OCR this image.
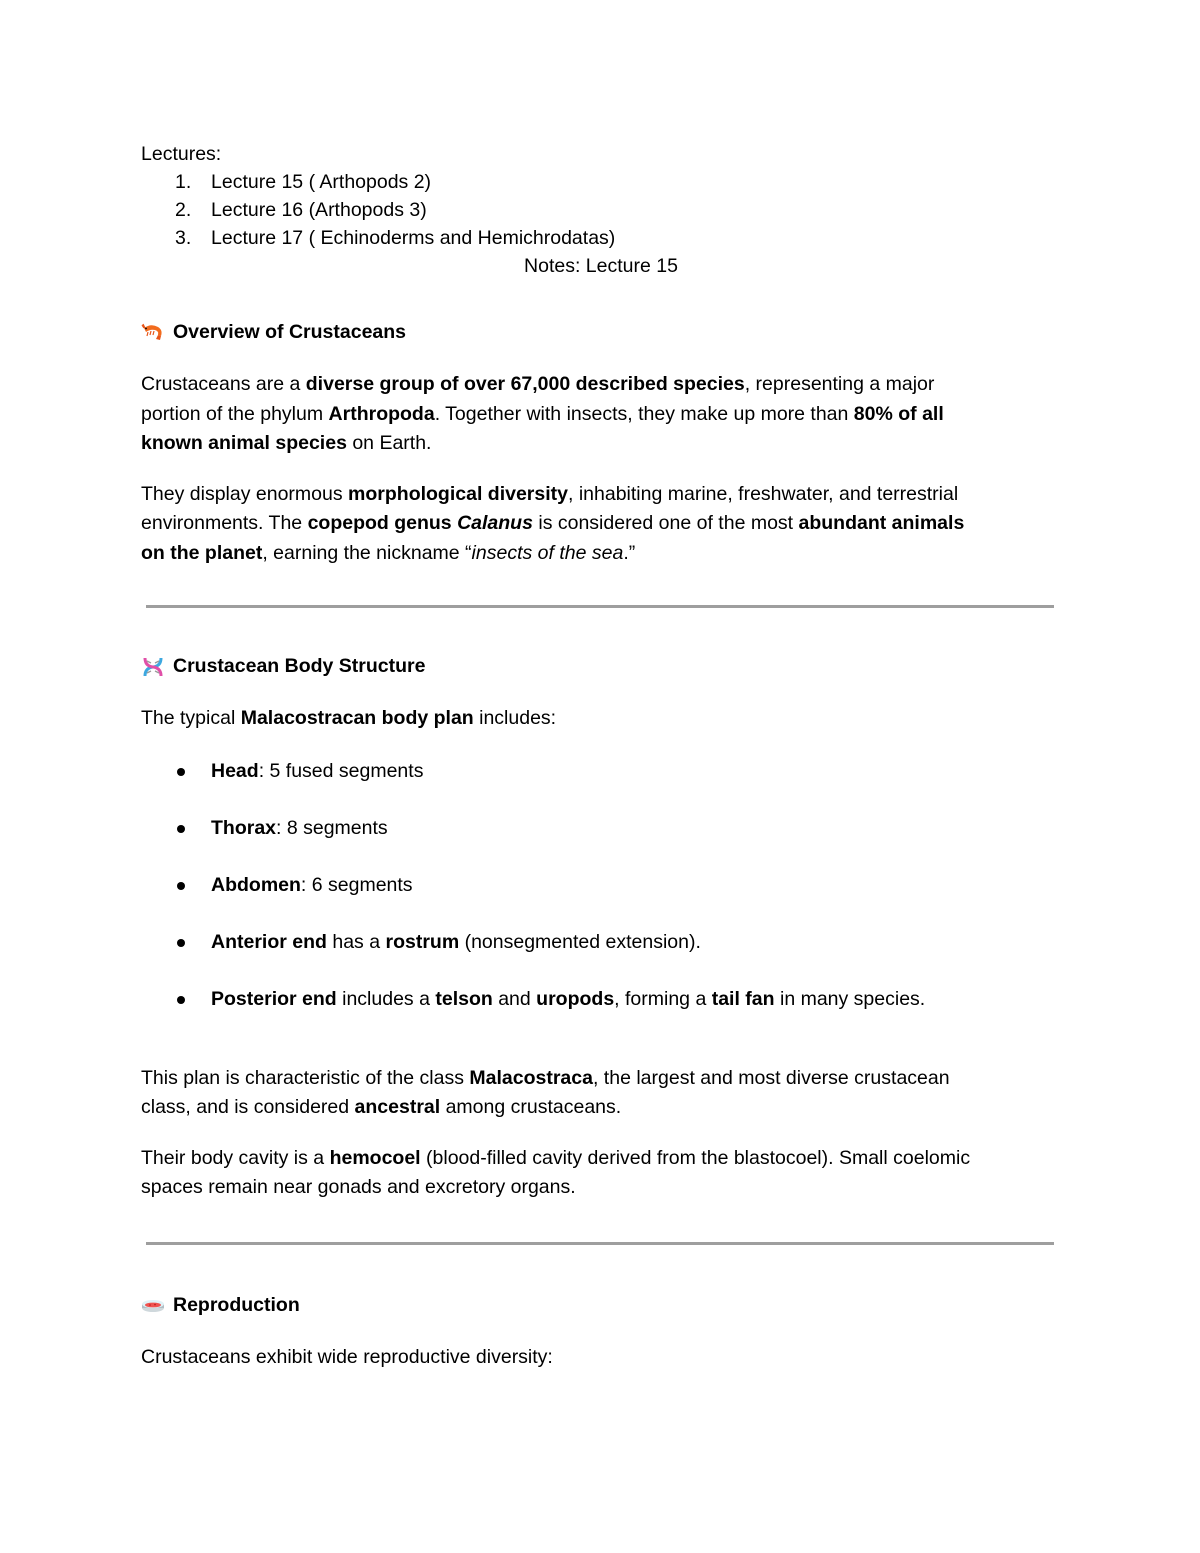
Lectures:

1. Lecture 15 ( Arthopods 2)
2. Lecture 16 (Arthopods 3)
3. Lecture 17 ( Echinoderms and Hemichrodatas)

Notes: Lecture 15

Overview of Crustaceans

Crustaceans are a diverse group of over 67,000 described species, representing a major
portion of the phylum Arthropoda. Together with insects, they make up more than 80% of all
known animal species on Earth.

They display enormous morphological diversity, inhabiting marine, freshwater, and terrestrial
environments. The copepod genus Calanus is considered one of the most abundant animals
on the planet, earning the nickname “insects of the sea.”

Crustacean Body Structure

The typical Malacostracan body plan includes:

Head: 5 fused segments
Thorax: 8 segments
Abdomen: 6 segments
Anterior end has a rostrum (nonsegmented extension).
Posterior end includes a telson and uropods, forming a tail fan in many species.

This plan is characteristic of the class Malacostraca, the largest and most diverse crustacean
class, and is considered ancestral among crustaceans.

Their body cavity is a hemocoel (blood-filled cavity derived from the blastocoel). Small coelomic
spaces remain near gonads and excretory organs.

Reproduction

Crustaceans exhibit wide reproductive diversity:
